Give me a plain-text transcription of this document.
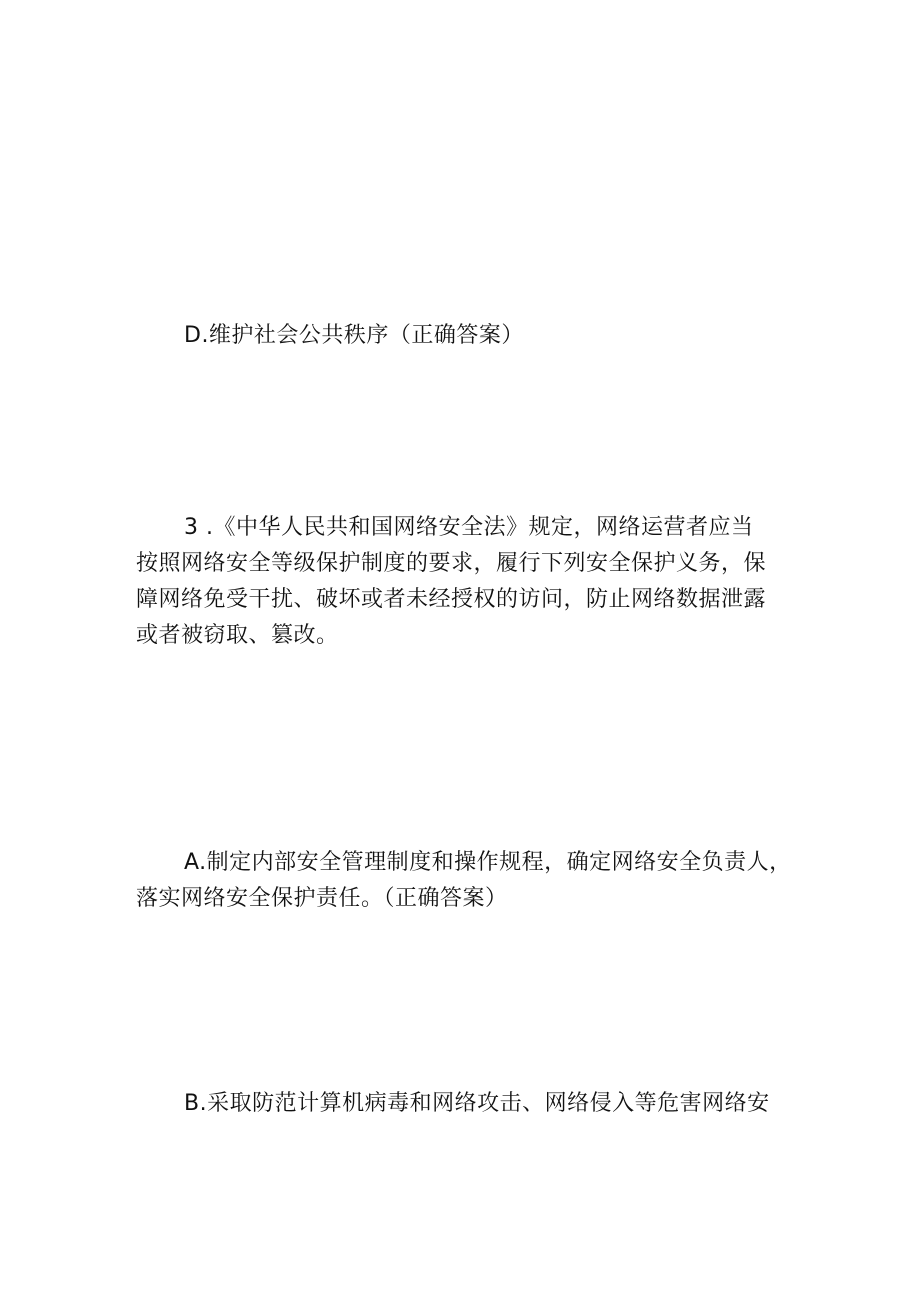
D.维护社会公共秩序（正确答案）

3 .《中华人民共和国网络安全法》规定，网络运营者应当
按照网络安全等级保护制度的要求，履行下列安全保护义务，保
障网络免受干扰、破坏或者未经授权的访问，防止网络数据泄露
或者被窃取、篡改。

A.制定内部安全管理制度和操作规程，确定网络安全负责人，
落实网络安全保护责任。（正确答案）

B.采取防范计算机病毒和网络攻击、网络侵入等危害网络安
